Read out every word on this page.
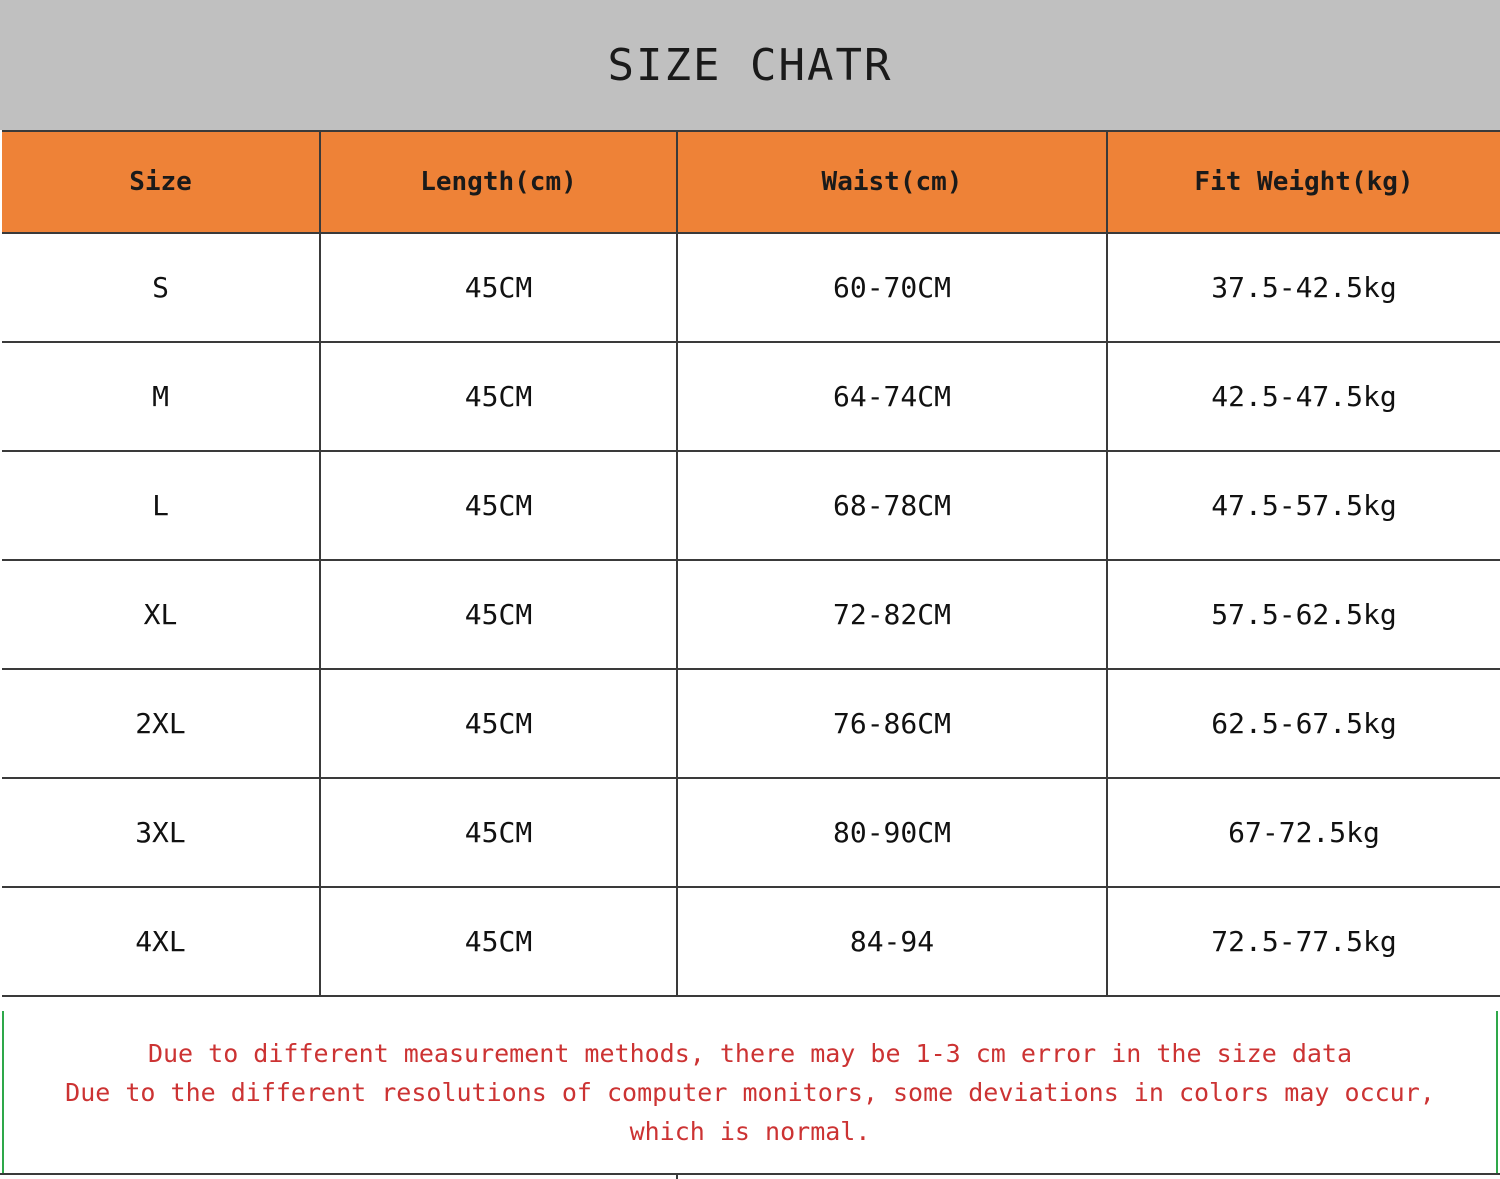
SIZE CHATR
Size	Length(cm)	Waist(cm)	Fit Weight(kg)
S	45CM	60-70CM	37.5-42.5kg
M	45CM	64-74CM	42.5-47.5kg
L	45CM	68-78CM	47.5-57.5kg
XL	45CM	72-82CM	57.5-62.5kg
2XL	45CM	76-86CM	62.5-67.5kg
3XL	45CM	80-90CM	67-72.5kg
4XL	45CM	84-94	72.5-77.5kg
Due to different measurement methods, there may be 1-3 cm error in the size data
Due to the different resolutions of computer monitors, some deviations in colors may occur,
which is normal.
